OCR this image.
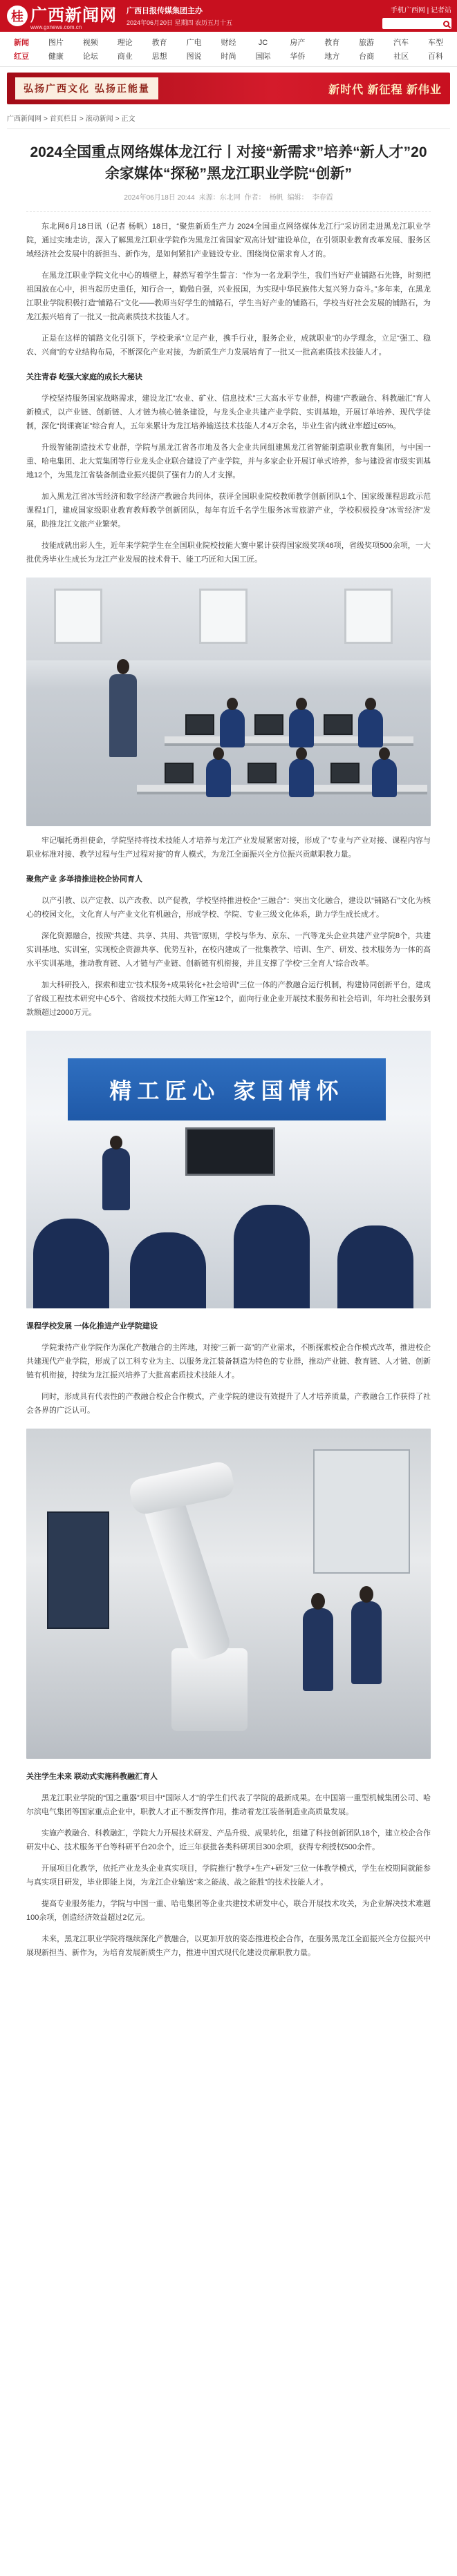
桂 广西新闻网
www.gxnews.com.cn
广西日报传媒集团主办
2024年06月20日 星期四 农历五月十五
手机广西网 | 记者站
新闻	图片	视频	理论	教育	广电	财经	JC	房产	教育	旅游	汽车	车型
红豆	健康	论坛	商业	思想	图说	时尚	国际	华侨	地方	台商	社区	百科
弘扬广西文化 弘扬正能量	新时代 新征程 新伟业
广西新闻网 > 首页栏目 > 滚动新闻 > 正文
2024全国重点网络媒体龙江行丨对接“新需求”培养“新人才”20余家媒体“探秘”黑龙江职业学院“创新”
2024年06月18日 20:44 来源：东北网 作者： 杨帆 编辑： 李春霞

东北网6月18日讯（记者 杨帆）18日，“聚焦新质生产力 2024全国重点网络媒体龙江行”采访团走进黑龙江职业学院，通过实地走访，深入了解黑龙江职业学院作为黑龙江省国家“双高计划”建设单位，在引领职业教育改革发展、服务区域经济社会发展中的新担当、新作为，是如何紧扣产业链设专业、围绕岗位需求育人才的。

在黑龙江职业学院文化中心的墙壁上，赫然写着学生誓言：“作为一名龙职学生，我们当好产业铺路石先锋，时刻把祖国放在心中，担当起历史重任，知行合一，勤勉自强，兴业报国，为实现中华民族伟大复兴努力奋斗。”多年来，在黑龙江职业学院积极打造“铺路石”文化——教师当好学生的铺路石，学生当好产业的铺路石，学校当好社会发展的铺路石，为龙江振兴培育了一批又一批高素质技术技能人才。

正是在这样的铺路文化引领下，学校秉承“立足产业，携手行业，服务企业，成就职业”的办学理念，立足“强工、稳农、兴商”的专业结构布局，不断深化产业对接，为新质生产力发展培育了一批又一批高素质技术技能人才。

关注青春 屹强大家庭的成长大秘诀

学校坚持服务国家战略需求，建设龙江“农业、矿业、信息技术”三大高水平专业群，构建“产教融合、科教融汇”育人新模式，以产业链、创新链、人才链为核心链条建设，与龙头企业共建产业学院、实训基地，开展订单培养、现代学徒制，深化“岗课赛证”综合育人，五年来累计为龙江培养输送技术技能人才4万余名，毕业生省内就业率超过65%。

升级智能制造技术专业群，学院与黑龙江省各市地及各大企业共同组建黑龙江省智能制造职业教育集团，与中国一重、哈电集团、北大荒集团等行业龙头企业联合建设了产业学院，并与多家企业开展订单式培养，参与建设省市级实训基地12个，为黑龙江省装备制造业振兴提供了强有力的人才支撑。

加入黑龙江省冰雪经济和数字经济产教融合共同体，获评全国职业院校教师教学创新团队1个、国家级课程思政示范课程1门，建成国家级职业教育教师教学创新团队，每年有近千名学生服务冰雪旅游产业，学校积极投身“冰雪经济”发展，助推龙江文旅产业繁荣。

技能成就出彩人生，近年来学院学生在全国职业院校技能大赛中累计获得国家级奖项46项，省级奖项500余项，一大批优秀毕业生成长为龙江产业发展的技术骨干、能工巧匠和大国工匠。

牢记嘱托勇担使命，学院坚持将技术技能人才培养与龙江产业发展紧密对接，形成了“专业与产业对接、课程内容与职业标准对接、教学过程与生产过程对接”的育人模式，为龙江全面振兴全方位振兴贡献职教力量。

聚焦产业 多举措推进校企协同育人

以产引教、以产定教、以产改教、以产促教，学校坚持推进校企“三融合”：突出文化融合，建设以“铺路石”文化为核心的校园文化，文化育人与产业文化有机融合，形成学校、学院、专业三级文化体系，助力学生成长成才。

深化资源融合，按照“共建、共享、共用、共管”原则，学校与华为、京东、一汽等龙头企业共建产业学院8个，共建实训基地、实训室，实现校企资源共享、优势互补，在校内建成了一批集教学、培训、生产、研发、技术服务为一体的高水平实训基地，推动教育链、人才链与产业链、创新链有机衔接，并且支撑了学校“三全育人”综合改革。

加大科研投入，探索和建立“技术服务+成果转化+社会培训”三位一体的产教融合运行机制，构建协同创新平台，建成了省级工程技术研究中心5个、省级技术技能大师工作室12个，面向行业企业开展技术服务和社会培训，年均社会服务到款额超过2000万元。

精工匠心 家国情怀

课程学校发展 一体化推进产业学院建设

学院秉持产业学院作为深化产教融合的主阵地，对接“三新一高”的产业需求，不断探索校企合作模式改革，推进校企共建现代产业学院，形成了以工科专业为主、以服务龙江装备制造为特色的专业群，推动产业链、教育链、人才链、创新链有机衔接，持续为龙江振兴培养了大批高素质技术技能人才。

同时，形成具有代表性的产教融合校企合作模式，产业学院的建设有效提升了人才培养质量，产教融合工作获得了社会各界的广泛认可。

关注学生未来 联动式实施科教融汇育人

黑龙江职业学院的“国之重器”项目中“国际人才”的学生们代表了学院的最新成果。在中国第一重型机械集团公司、哈尔滨电气集团等国家重点企业中，职教人才正不断发挥作用，推动着龙江装备制造业高质量发展。

实施产教融合、科教融汇，学院大力开展技术研发、产品升级、成果转化，组建了科技创新团队18个，建立校企合作研发中心、技术服务平台等科研平台20余个，近三年获批各类科研项目300余项，获得专利授权500余件。

开展项目化教学，依托产业龙头企业真实项目，学院推行“教学+生产+研发”三位一体教学模式，学生在校期间就能参与真实项目研发，毕业即能上岗，为龙江企业输送“来之能战、战之能胜”的技术技能人才。

提高专业服务能力，学院与中国一重、哈电集团等企业共建技术研发中心，联合开展技术攻关，为企业解决技术难题100余项，创造经济效益超过2亿元。

未来，黑龙江职业学院将继续深化产教融合，以更加开放的姿态推进校企合作，在服务黑龙江全面振兴全方位振兴中展现新担当、新作为，为培育发展新质生产力，推进中国式现代化建设贡献职教力量。
